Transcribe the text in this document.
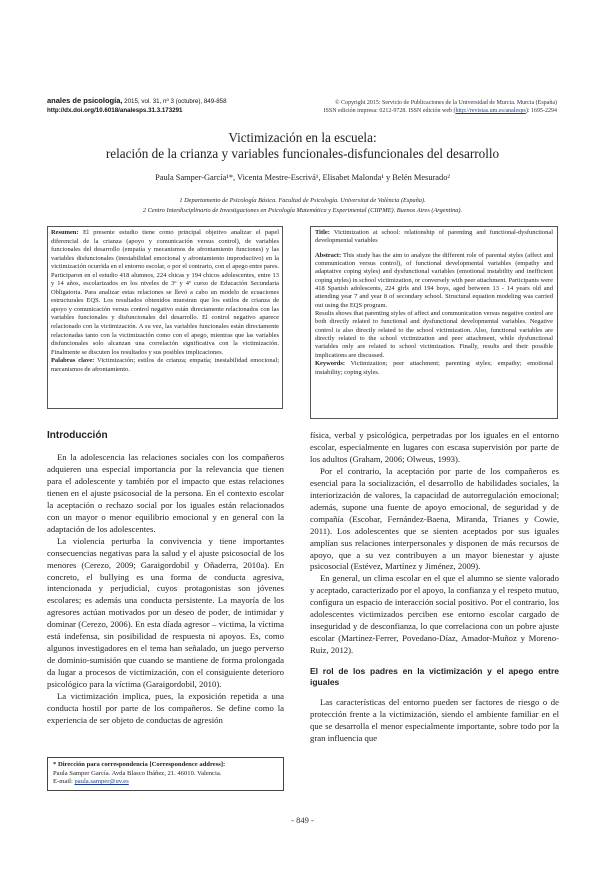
anales de psicología, 2015, vol. 31, nº 3 (octubre), 849-858
http://dx.doi.org/10.6018/analesps.31.3.173291
© Copyright 2015: Servicio de Publicaciones de la Universidad de Murcia. Murcia (España)
ISSN edición impresa: 0212-9728. ISSN edición web (http://revistas.um.es/analesps): 1695-2294
Victimización en la escuela:
relación de la crianza y variables funcionales-disfuncionales del desarrollo
Paula Samper-García¹*, Vicenta Mestre-Escrivá¹, Elisabet Malonda¹ y Belén Mesurado²
1 Departamento de Psicología Básica. Facultad de Psicología. Universitat de València (España).
2 Centro Interdisciplinario de Investigaciones en Psicología Matemática y Experimental (CIIPME). Buenos Aires (Argentina).

Resumen: El presente estudio tiene como principal objetivo analizar el papel diferencial de la crianza (apoyo y comunicación versus control), de variables funcionales del desarrollo (empatía y mecanismos de afrontamiento funciones) y las variables disfuncionales (inestabilidad emocional y afrontamiento improductivo) en la victimización ocurrida en el entorno escolar, o por el contrario, con el apego entre pares. Participaron en el estudio 418 alumnos, 224 chicas y 194 chicos adolescentes, entre 13 y 14 años, escolarizados en los niveles de 3º y 4º curso de Educación Secundaria Obligatoria. Para analizar estas relaciones se llevó a cabo un modelo de ecuaciones estructurales EQS. Los resultados obtenidos muestran que los estilos de crianza de apoyo y comunicación versus control negativo están directamente relacionados con las variables funcionales y disfuncionales del desarrollo. El control negativo aparece relacionado con la victimización. A su vez, las variables funcionales están directamente relacionadas tanto con la victimización como con el apego, mientras que las variables disfuncionales solo alcanzan una correlación significativa con la victimización. Finalmente se discuten los resultados y sus posibles implicaciones.

Palabras clave: Victimización; estilos de crianza; empatía; inestabilidad emocional; mecanismos de afrontamiento.

Title: Victimization at school: relationship of parenting and functional-dysfunctional developmental variables

Abstract: This study has the aim to analyze the different role of parental styles (affect and communication versus control), of functional developmental variables (empathy and adaptative coping styles) and dysfunctional variables (emotional instability and inefficient coping styles) in school victimization, or conversely with peer attachment. Participants were 418 Spanish adolescents, 224 girls and 194 boys, aged between 13 - 14 years old and attending year 7 and year 8 of secondary school. Structural equation modeling was carried out using the EQS program.

Results shows that parenting styles of affect and communication versus negative control are both directly related to functional and dysfunctional developmental variables. Negative control is also directly related to the school victimization. Also, functional variables are directly related to the school victimization and peer attachment, while dysfunctional variables only are related to school victimization. Finally, results and their possible implications are discussed.

Keywords: Victimization; peer attachment; parenting styles; empathy; emotional instability; coping styles.

Introducción

En la adolescencia las relaciones sociales con los compañeros adquieren una especial importancia por la relevancia que tienen para el adolescente y también por el impacto que estas relaciones tienen en el ajuste psicosocial de la persona. En el contexto escolar la aceptación o rechazo social por los iguales están relacionados con un mayor o menor equilibrio emocional y en general con la adaptación de los adolescentes.

La violencia perturba la convivencia y tiene importantes consecuencias negativas para la salud y el ajuste psicosocial de los menores (Cerezo, 2009; Garaigordobil y Oñaderra, 2010a). En concreto, el bullying es una forma de conducta agresiva, intencionada y perjudicial, cuyos protagonistas son jóvenes escolares; es además una conducta persistente. La mayoría de los agresores actúan motivados por un deseo de poder, de intimidar y dominar (Cerezo, 2006). En esta díada agresor – victima, la víctima está indefensa, sin posibilidad de respuesta ni apoyos. Es, como algunos investigadores en el tema han señalado, un juego perverso de dominio-sumisión que cuando se mantiene de forma prolongada da lugar a procesos de victimización, con el consiguiente deterioro psicológico para la víctima (Garaigordobil, 2010).

La victimización implica, pues, la exposición repetida a una conducta hostil por parte de los compañeros. Se define como la experiencia de ser objeto de conductas de agresión

física, verbal y psicológica, perpetradas por los iguales en el entorno escolar, especialmente en lugares con escasa supervisión por parte de los adultos (Graham, 2006; Olweus, 1993).

Por el contrario, la aceptación por parte de los compañeros es esencial para la socialización, el desarrollo de habilidades sociales, la interiorización de valores, la capacidad de autorregulación emocional; además, supone una fuente de apoyo emocional, de seguridad y de compañía (Escobar, Fernández-Baena, Miranda, Trianes y Cowie, 2011). Los adolescentes que se sienten aceptados por sus iguales amplían sus relaciones interpersonales y disponen de más recursos de apoyo, que a su vez contribuyen a un mayor bienestar y ajuste psicosocial (Estévez, Martínez y Jiménez, 2009).

En general, un clima escolar en el que el alumno se siente valorado y aceptado, caracterizado por el apoyo, la confianza y el respeto mutuo, configura un espacio de interacción social positivo. Por el contrario, los adolescentes victimizados perciben ese entorno escolar cargado de inseguridad y de desconfianza, lo que correlaciona con un pobre ajuste escolar (Martínez-Ferrer, Povedano-Díaz, Amador-Muñoz y Moreno-Ruiz, 2012).

El rol de los padres en la victimización y el apego entre iguales

Las características del entorno pueden ser factores de riesgo o de protección frente a la victimización, siendo el ambiente familiar en el que se desarrolla el menor especialmente importante, sobre todo por la gran influencia que

* Dirección para correspondencia [Correspondence address]:
Paula Samper García. Avda Blasco Ibáñez, 21. 46010. Valencia.
E-mail: paula.samper@uv.es
- 849 -
